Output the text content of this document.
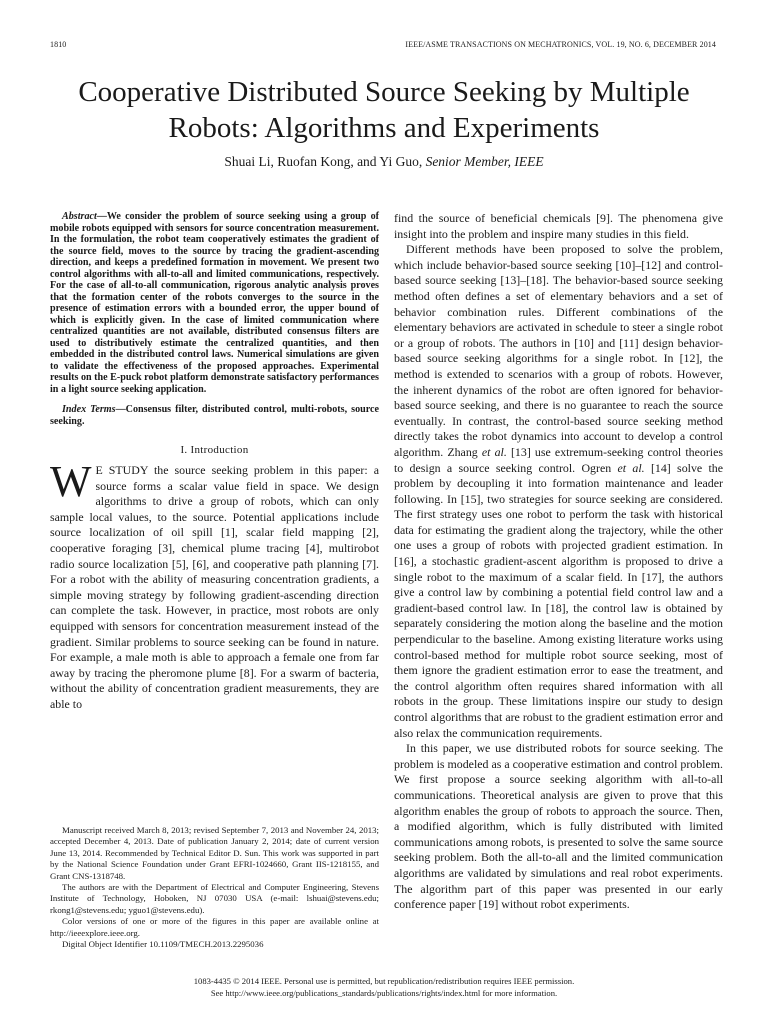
1810	IEEE/ASME TRANSACTIONS ON MECHATRONICS, VOL. 19, NO. 6, DECEMBER 2014
Cooperative Distributed Source Seeking by Multiple
Robots: Algorithms and Experiments
Shuai Li, Ruofan Kong, and Yi Guo, Senior Member, IEEE

Abstract—We consider the problem of source seeking using a group of mobile robots equipped with sensors for source concentration measurement. In the formulation, the robot team cooperatively estimates the gradient of the source field, moves to the source by tracing the gradient-ascending direction, and keeps a predefined formation in movement. We present two control algorithms with all-to-all and limited communications, respectively. For the case of all-to-all communication, rigorous analytic analysis proves that the formation center of the robots converges to the source in the presence of estimation errors with a bounded error, the upper bound of which is explicitly given. In the case of limited communication where centralized quantities are not available, distributed consensus filters are used to distributively estimate the centralized quantities, and then embedded in the distributed control laws. Numerical simulations are given to validate the effectiveness of the proposed approaches. Experimental results on the E-puck robot platform demonstrate satisfactory performances in a light source seeking application.

Index Terms—Consensus filter, distributed control, multi-robots, source seeking.

I. Introduction

W E STUDY the source seeking problem in this paper: a source forms a scalar value field in space. We design algorithms to drive a group of robots, which can only sample local values, to the source. Potential applications include source localization of oil spill [1], scalar field mapping [2], cooperative foraging [3], chemical plume tracing [4], multirobot radio source localization [5], [6], and cooperative path planning [7]. For a robot with the ability of measuring concentration gradients, a simple moving strategy by following gradient-ascending direction can complete the task. However, in practice, most robots are only equipped with sensors for concentration measurement instead of the gradient. Similar problems to source seeking can be found in nature. For example, a male moth is able to approach a female one from far away by tracing the pheromone plume [8]. For a swarm of bacteria, without the ability of concentration gradient measurements, they are able to

find the source of beneficial chemicals [9]. The phenomena give insight into the problem and inspire many studies in this field.

Different methods have been proposed to solve the problem, which include behavior-based source seeking [10]–[12] and control-based source seeking [13]–[18]. The behavior-based source seeking method often defines a set of elementary behaviors and a set of behavior combination rules. Different combinations of the elementary behaviors are activated in schedule to steer a single robot or a group of robots. The authors in [10] and [11] design behavior-based source seeking algorithms for a single robot. In [12], the method is extended to scenarios with a group of robots. However, the inherent dynamics of the robot are often ignored for behavior-based source seeking, and there is no guarantee to reach the source eventually. In contrast, the control-based source seeking method directly takes the robot dynamics into account to develop a control algorithm. Zhang et al. [13] use extremum-seeking control theories to design a source seeking control. Ogren et al. [14] solve the problem by decoupling it into formation maintenance and leader following. In [15], two strategies for source seeking are considered. The first strategy uses one robot to perform the task with historical data for estimating the gradient along the trajectory, while the other one uses a group of robots with projected gradient estimation. In [16], a stochastic gradient-ascent algorithm is proposed to drive a single robot to the maximum of a scalar field. In [17], the authors give a control law by combining a potential field control law and a gradient-based control law. In [18], the control law is obtained by separately considering the motion along the baseline and the motion perpendicular to the baseline. Among existing literature works using control-based method for multiple robot source seeking, most of them ignore the gradient estimation error to ease the treatment, and the control algorithm often requires shared information with all robots in the group. These limitations inspire our study to design control algorithms that are robust to the gradient estimation error and also relax the communication requirements.

In this paper, we use distributed robots for source seeking. The problem is modeled as a cooperative estimation and control problem. We first propose a source seeking algorithm with all-to-all communications. Theoretical analysis are given to prove that this algorithm enables the group of robots to approach the source. Then, a modified algorithm, which is fully distributed with limited communications among robots, is presented to solve the same source seeking problem. Both the all-to-all and the limited communication algorithms are validated by simulations and real robot experiments. The algorithm part of this paper was presented in our early conference paper [19] without robot experiments.

Manuscript received March 8, 2013; revised September 7, 2013 and November 24, 2013; accepted December 4, 2013. Date of publication January 2, 2014; date of current version June 13, 2014. Recommended by Technical Editor D. Sun. This work was supported in part by the National Science Foundation under Grant EFRI-1024660, Grant IIS-1218155, and Grant CNS-1318748.

The authors are with the Department of Electrical and Computer Engineering, Stevens Institute of Technology, Hoboken, NJ 07030 USA (e-mail: lshuai@stevens.edu; rkong1@stevens.edu; yguo1@stevens.edu).

Color versions of one or more of the figures in this paper are available online at http://ieeexplore.ieee.org.

Digital Object Identifier 10.1109/TMECH.2013.2295036

1083-4435 © 2014 IEEE. Personal use is permitted, but republication/redistribution requires IEEE permission.

See http://www.ieee.org/publications_standards/publications/rights/index.html for more information.
